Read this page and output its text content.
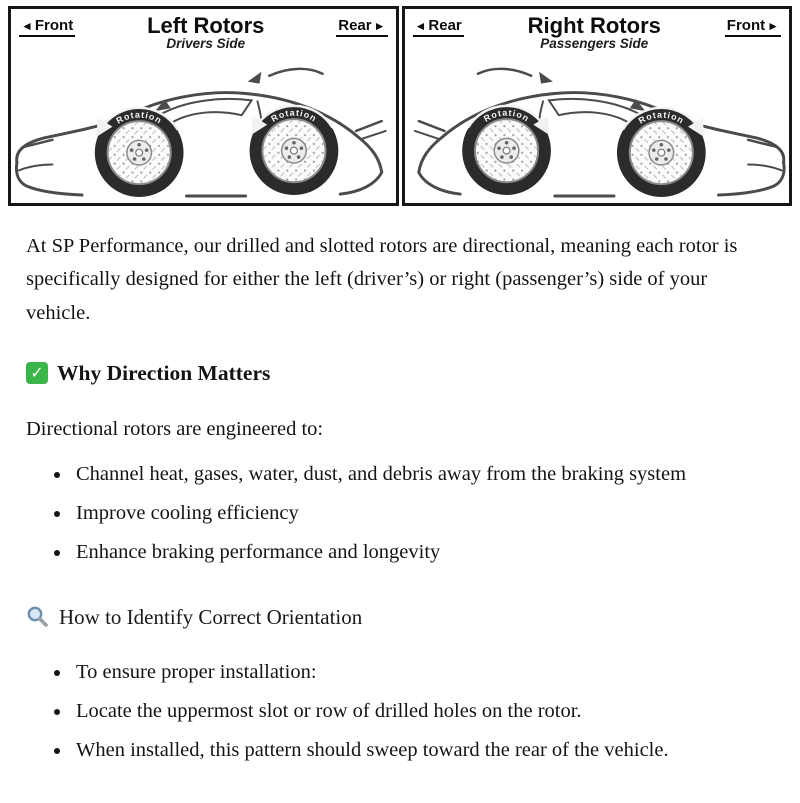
◄
Front	Left Rotors
Drivers Side
Rear
►
Rotation	Rotation
◄
Rear	Right Rotors
Passengers Side
Front
►
Rotation
Rotation

At SP Performance, our drilled and slotted rotors are directional, meaning each rotor is specifically designed for either the left (driver’s) or right (passenger’s) side of your vehicle.

✓
Why Direction Matters

Directional rotors are engineered to:

• Channel heat, gases, water, dust, and debris away from the braking system
• Improve cooling efficiency
• Enhance braking performance and longevity
How to Identify Correct Orientation
• To ensure proper installation:
• Locate the uppermost slot or row of drilled holes on the rotor.
• When installed, this pattern should sweep toward the rear of the vehicle.
